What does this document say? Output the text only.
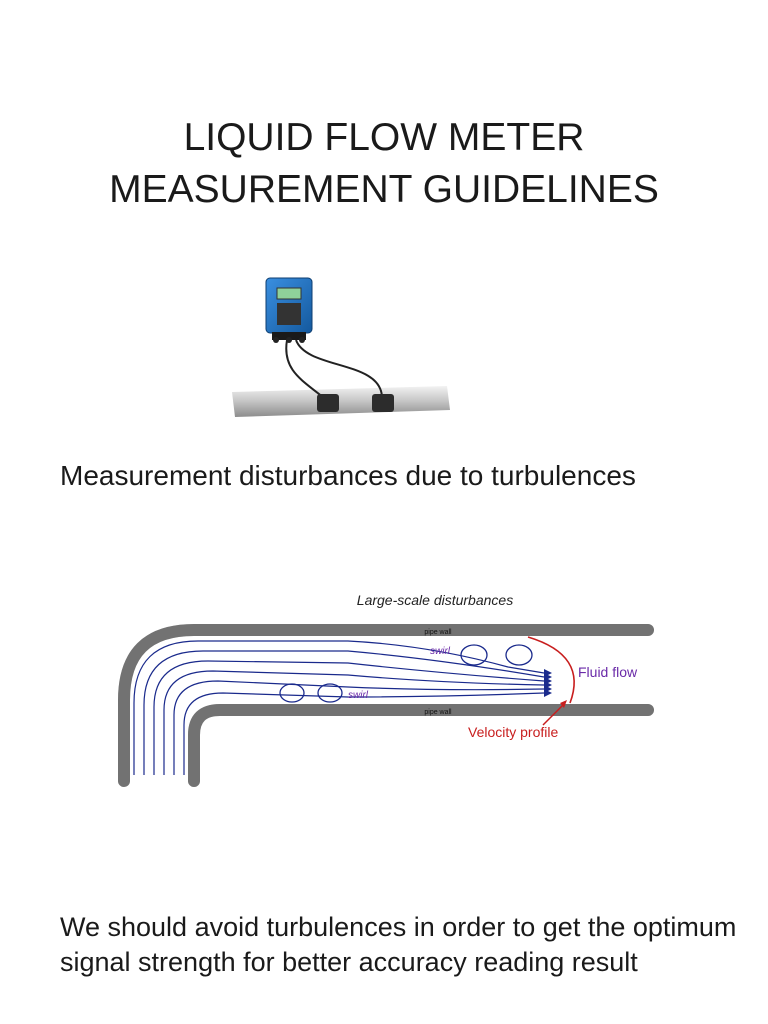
LIQUID FLOW METER
MEASUREMENT GUIDELINES
Measurement disturbances due to turbulences
Large-scale disturbances
pipe wall
pipe wall
swirl
swirl
Fluid flow
Velocity profile
We should avoid turbulences in order to get the optimum signal strength for better accuracy reading result
